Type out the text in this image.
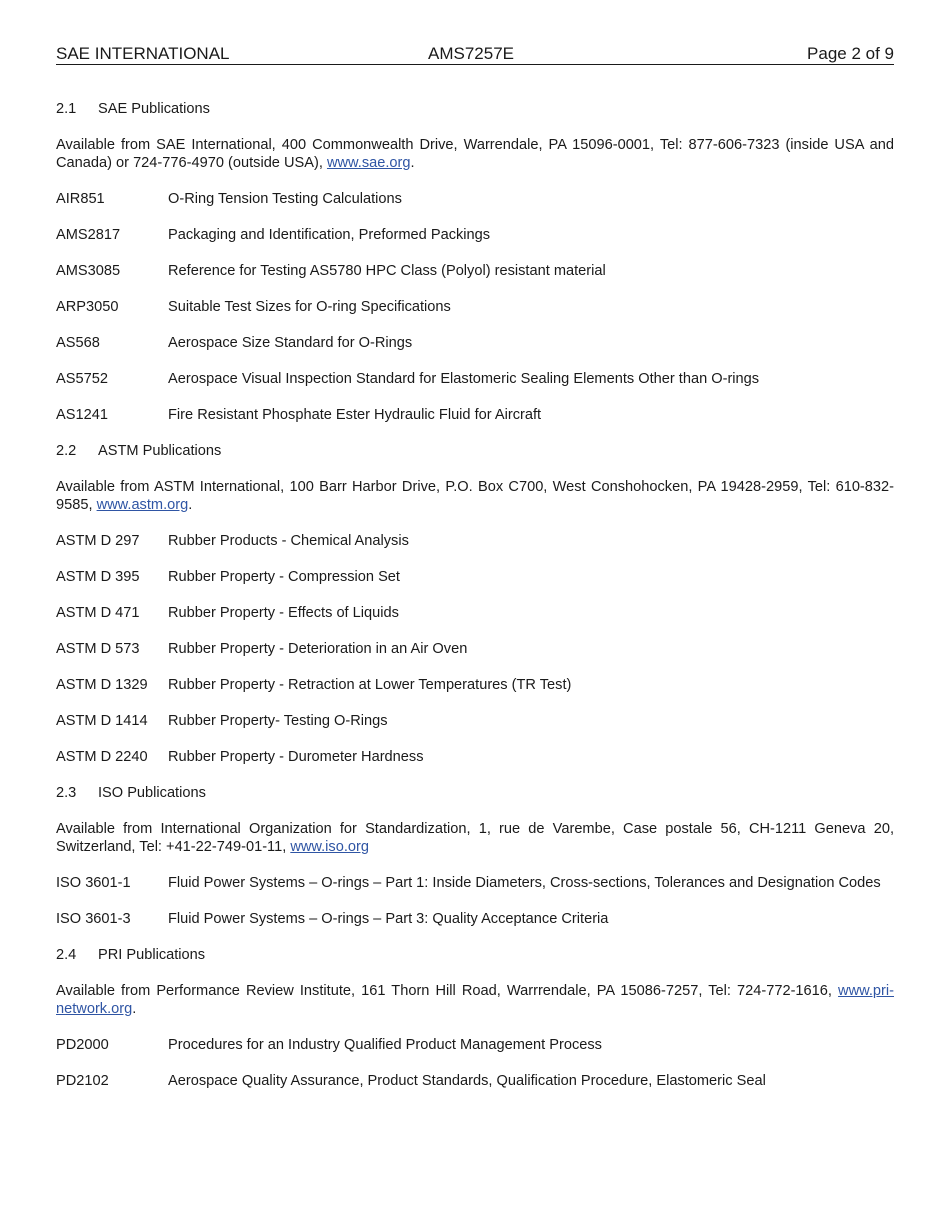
SAE INTERNATIONAL	AMS7257E	Page 2 of 9
2.1	SAE Publications
Available from SAE International, 400 Commonwealth Drive, Warrendale, PA 15096-0001, Tel: 877-606-7323 (inside USA and Canada) or 724-776-4970 (outside USA), www.sae.org.
AIR851	O-Ring Tension Testing Calculations
AMS2817	Packaging and Identification, Preformed Packings
AMS3085	Reference for Testing AS5780 HPC Class (Polyol) resistant material
ARP3050	Suitable Test Sizes for O-ring Specifications
AS568	Aerospace Size Standard for O-Rings
AS5752	Aerospace Visual Inspection Standard for Elastomeric Sealing Elements Other than O-rings
AS1241	Fire Resistant Phosphate Ester Hydraulic Fluid for Aircraft
2.2	ASTM Publications
Available from ASTM International, 100 Barr Harbor Drive, P.O. Box C700, West Conshohocken, PA 19428-2959, Tel: 610-832-9585, www.astm.org.
ASTM D 297	Rubber Products - Chemical Analysis
ASTM D 395	Rubber Property - Compression Set
ASTM D 471	Rubber Property - Effects of Liquids
ASTM D 573	Rubber Property - Deterioration in an Air Oven
ASTM D 1329	Rubber Property - Retraction at Lower Temperatures (TR Test)
ASTM D 1414	Rubber Property- Testing O-Rings
ASTM D 2240	Rubber Property - Durometer Hardness
2.3	ISO Publications
Available from International Organization for Standardization, 1, rue de Varembe, Case postale 56, CH-1211 Geneva 20, Switzerland, Tel: +41-22-749-01-11, www.iso.org
ISO 3601-1	Fluid Power Systems – O-rings – Part 1: Inside Diameters, Cross-sections, Tolerances and Designation Codes
ISO 3601-3	Fluid Power Systems – O-rings – Part 3: Quality Acceptance Criteria
2.4	PRI Publications
Available from Performance Review Institute, 161 Thorn Hill Road, Warrrendale, PA 15086-7257, Tel: 724-772-1616, www.pri-network.org.
PD2000	Procedures for an Industry Qualified Product Management Process
PD2102	Aerospace Quality Assurance, Product Standards, Qualification Procedure, Elastomeric Seal
